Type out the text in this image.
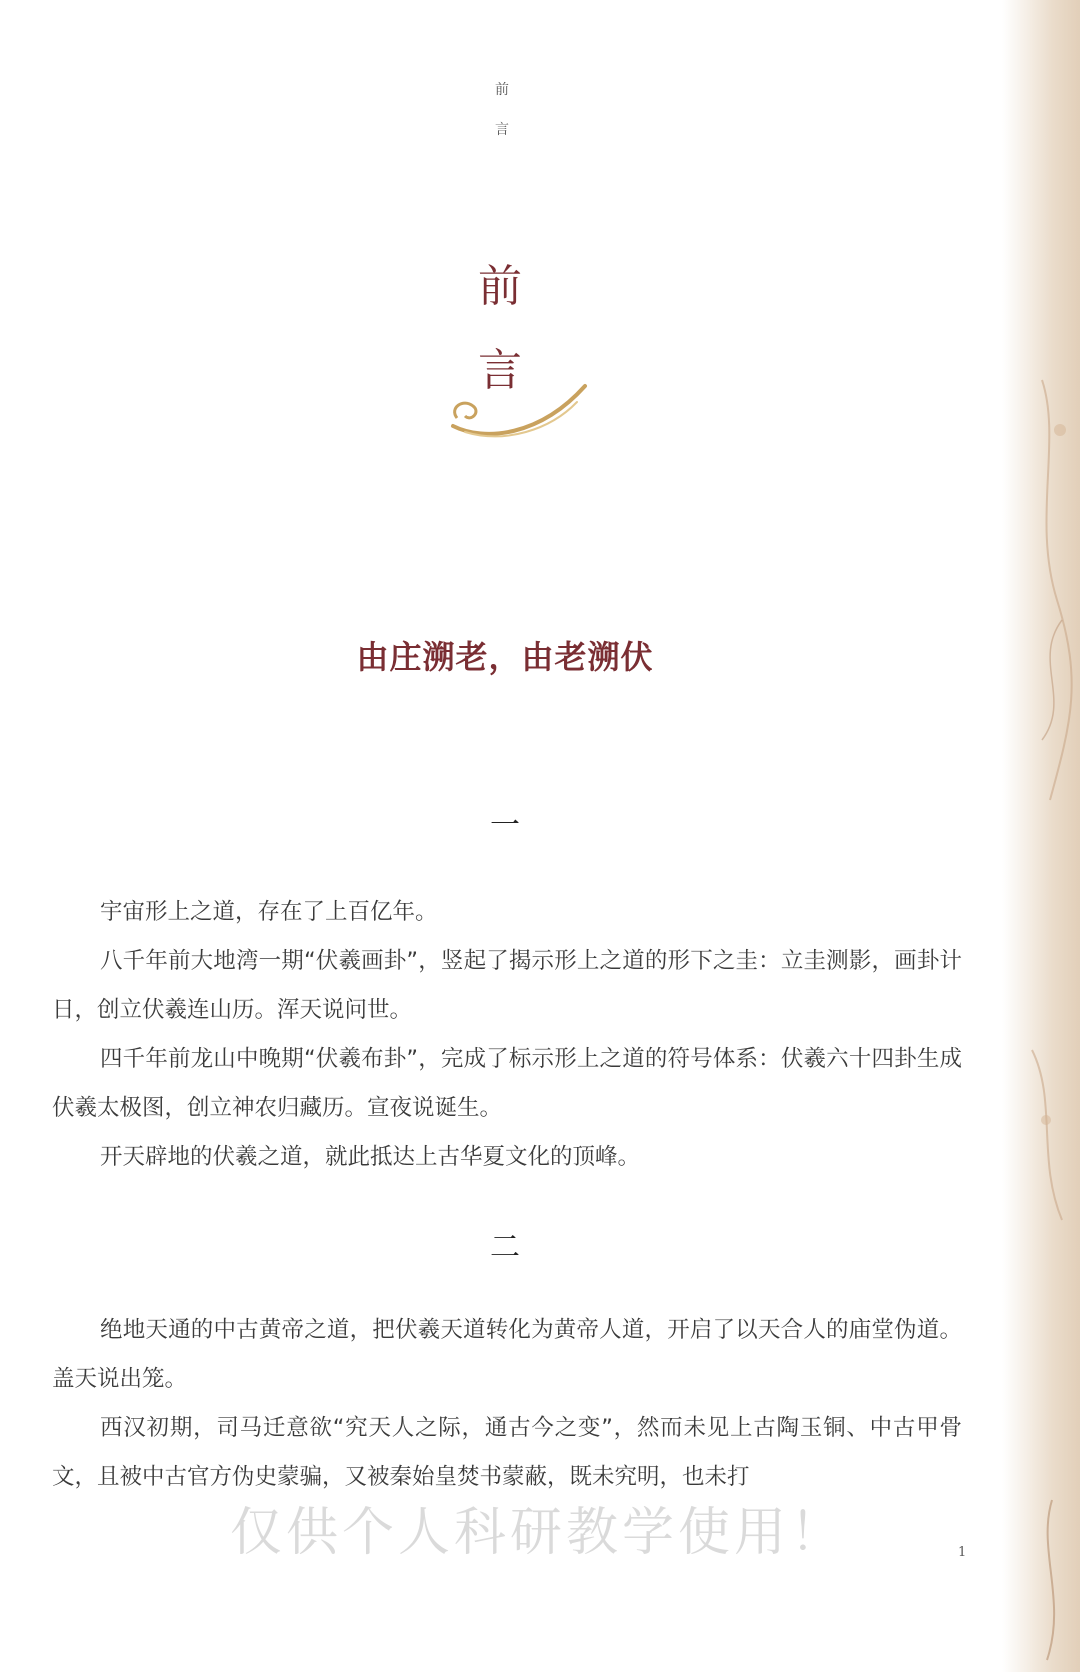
前
言
前
言
由庄溯老，由老溯伏
一

宇宙形上之道，存在了上百亿年。

八千年前大地湾一期“伏羲画卦”，竖起了揭示形上之道的形下之圭：立圭测影，画卦计日，创立伏羲连山历。浑天说问世。

四千年前龙山中晚期“伏羲布卦”，完成了标示形上之道的符号体系：伏羲六十四卦生成伏羲太极图，创立神农归藏历。宣夜说诞生。

开天辟地的伏羲之道，就此抵达上古华夏文化的顶峰。

二

绝地天通的中古黄帝之道，把伏羲天道转化为黄帝人道，开启了以天合人的庙堂伪道。盖天说出笼。

西汉初期，司马迁意欲“究天人之际，通古今之变”，然而未见上古陶玉铜、中古甲骨文，且被中古官方伪史蒙骗，又被秦始皇焚书蒙蔽，既未究明，也未打

仅供个人科研教学使用！	1
